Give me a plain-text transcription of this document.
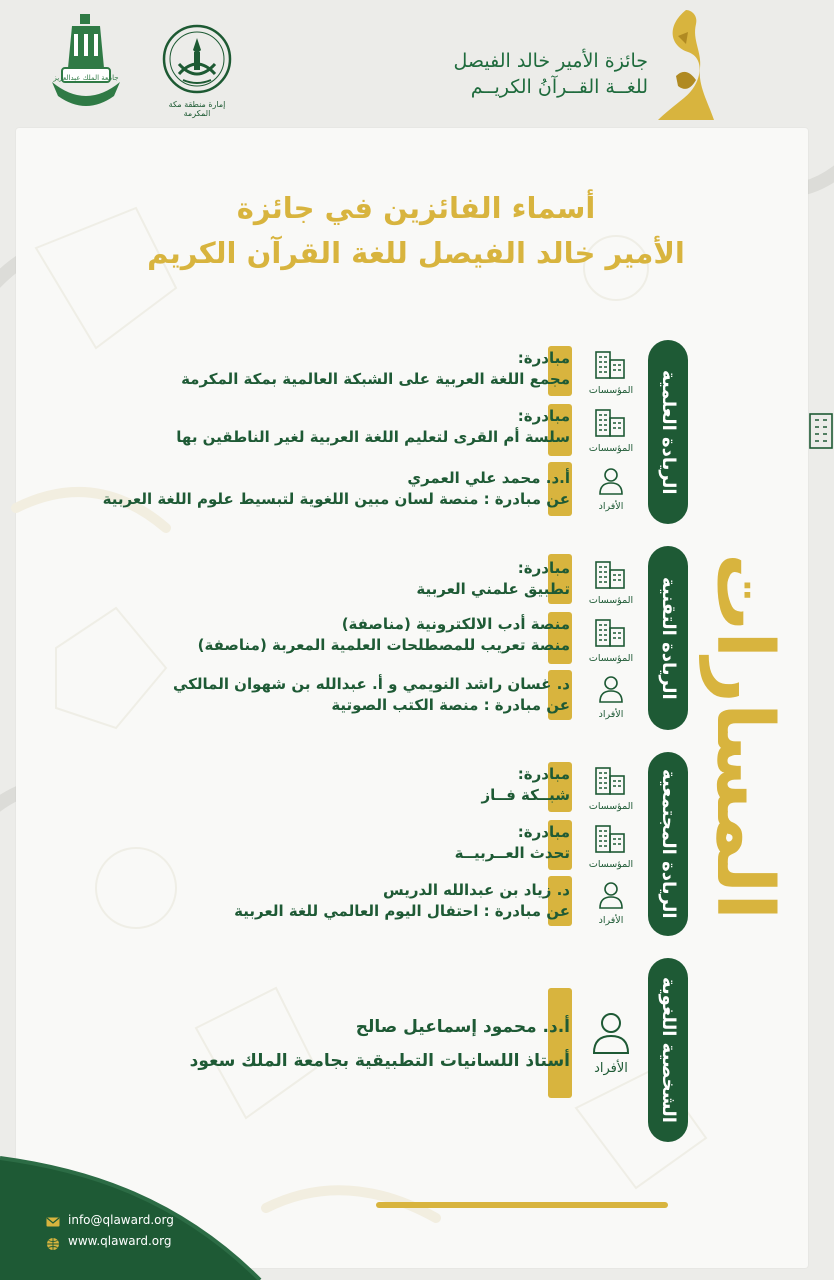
جائزة الأمير خالد الفيصل
للغــة القــرآنُ الكريــم
إمارة منطقة مكة المكرمة
جامعة الملك عبدالعزيز
أسماء الفائزين في جائزة
الأمير خالد الفيصل للغة القرآن الكريم
المسارات
الريادة العلمية
المؤسسات
مبادرة:
مجمع اللغة العربية على الشبكة العالمية بمكة المكرمة
المؤسسات
مبادرة:
سلسة أم القرى لتعليم اللغة العربية لغير الناطقين بها
الأفراد
أ.د. محمد علي العمري
عن مبادرة : منصة لسان مبين اللغوية لتبسيط علوم اللغة العربية
الريادة التقنية
المؤسسات
مبادرة:
تطبيق علمني العربية
المؤسسات
منصة أدب الالكترونية (مناصفة)
منصة تعريب للمصطلحات العلمية المعربة (مناصفة)
الأفراد
د. غسان راشد النويمي و أ. عبدالله بن شهوان المالكي
عن مبادرة : منصة الكتب الصوتية
الريادة المجتمعية
المؤسسات
مبادرة:
شبــكة فــاز
المؤسسات
مبادرة:
تحدث العــربيــة
الأفراد
د. زياد بن عبدالله الدريس
عن مبادرة : احتفال اليوم العالمي للغة العربية
الشخصية اللغوية
الأفراد
أ.د. محمود إسماعيل صالح
أستاذ اللسانيات التطبيقية بجامعة الملك سعود
info@qlaward.org
www.qlaward.org
